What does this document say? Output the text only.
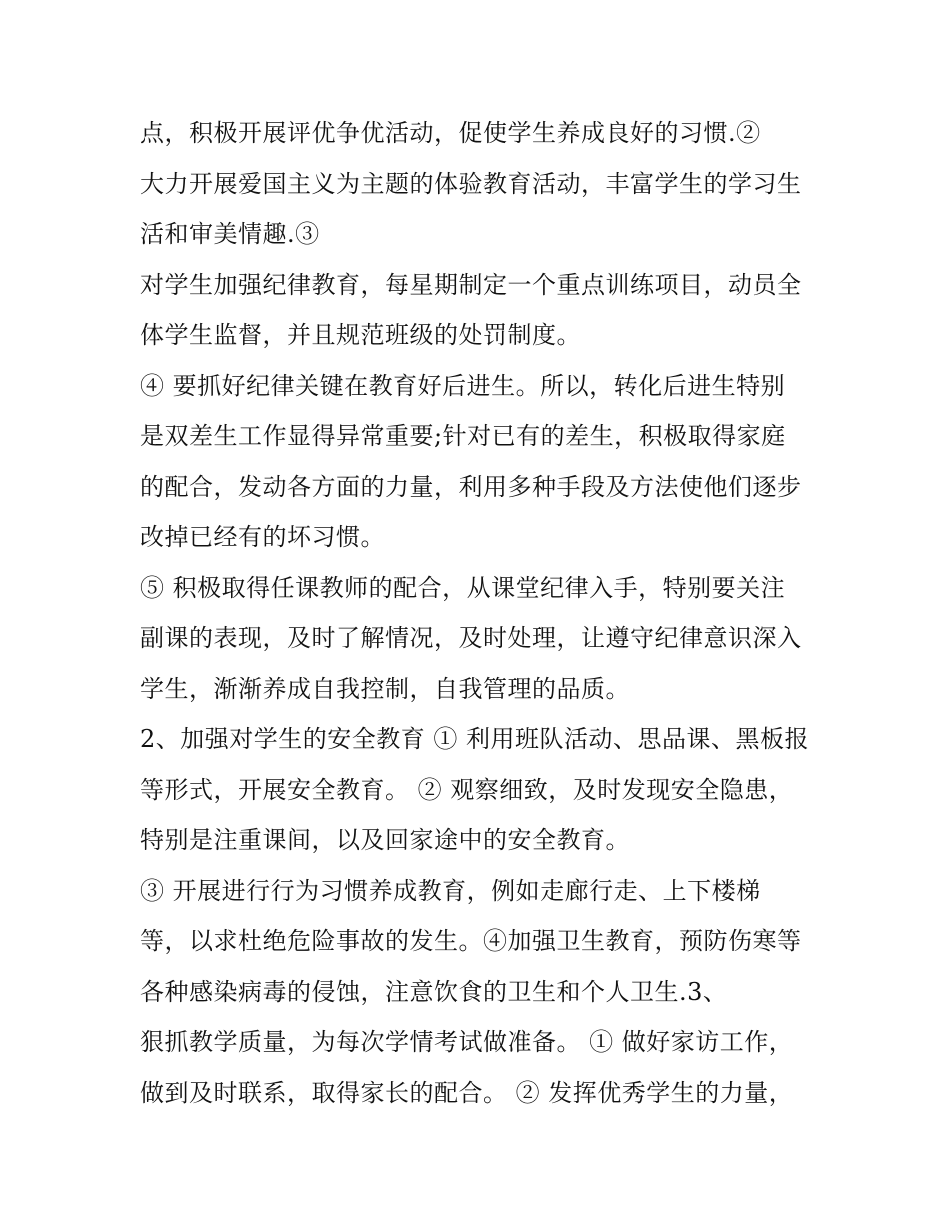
点，积极开展评优争优活动，促使学生养成良好的习惯.②
大力开展爱国主义为主题的体验教育活动，丰富学生的学习生
活和审美情趣.③
对学生加强纪律教育，每星期制定一个重点训练项目，动员全
体学生监督，并且规范班级的处罚制度。
④ 要抓好纪律关键在教育好后进生。所以，转化后进生特别
是双差生工作显得异常重要;针对已有的差生，积极取得家庭
的配合，发动各方面的力量，利用多种手段及方法使他们逐步
改掉已经有的坏习惯。
⑤ 积极取得任课教师的配合，从课堂纪律入手，特别要关注
副课的表现，及时了解情况，及时处理，让遵守纪律意识深入
学生，渐渐养成自我控制，自我管理的品质。
2、加强对学生的安全教育 ① 利用班队活动、思品课、黑板报
等形式，开展安全教育。 ② 观察细致，及时发现安全隐患，
特别是注重课间，以及回家途中的安全教育。
③ 开展进行行为习惯养成教育，例如走廊行走、上下楼梯
等，以求杜绝危险事故的发生。④加强卫生教育，预防伤寒等
各种感染病毒的侵蚀，注意饮食的卫生和个人卫生.3、
狠抓教学质量，为每次学情考试做准备。 ① 做好家访工作，
做到及时联系，取得家长的配合。 ② 发挥优秀学生的力量，
